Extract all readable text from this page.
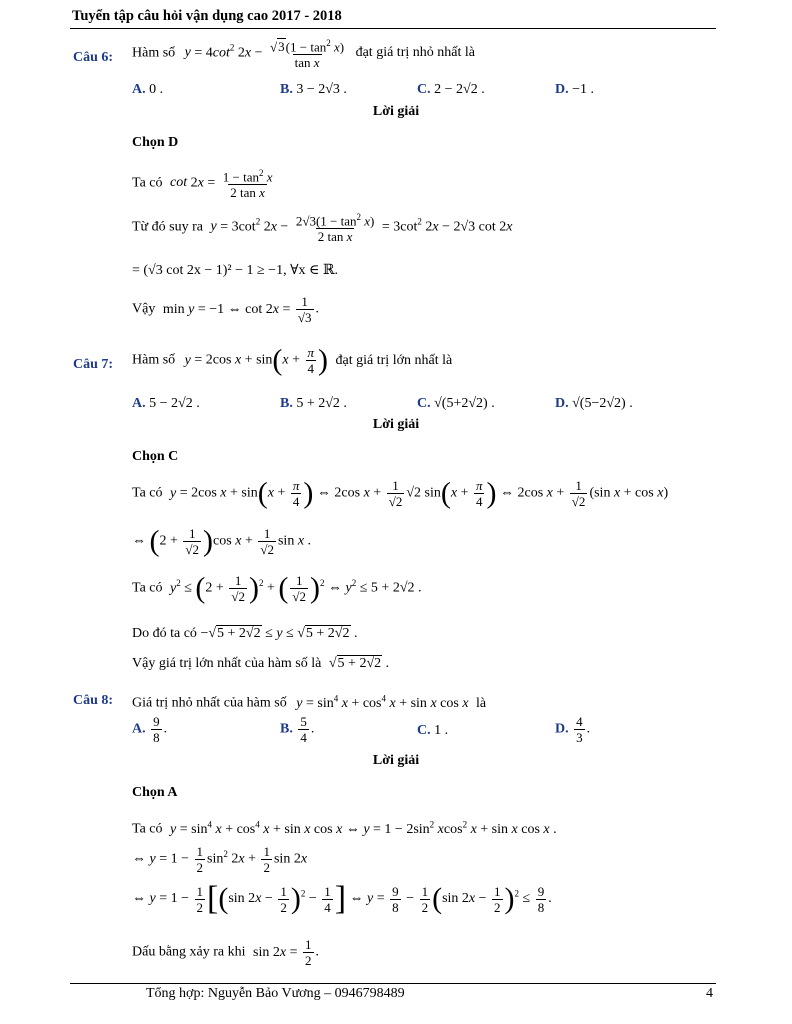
Tuyển tập câu hỏi vận dụng cao 2017 - 2018
Câu 6: Hàm số $y = 4\cot^2$ $2x - \frac{√3(1 - \tan^2 x)}{\text{tan x}}$ đạt giá trị nhỏ nhất là
A. 0 .	B. 3 − 2√3 .	C. 2 − 2√2 .	D. −1 .
Lời giải
Chọn D
Ta có $\cot 2x = \frac{1 - \tan^2 x}{\text{2 tan x}}$
Từ đó suy ra $y = 3\cot^2$ $2x - \frac{2√3(1 - \tan^2 x)}{\text{2 tan x}} = 3\cot^2$ 2x − 2√3 cot 2x
= (√3 cot 2x − 1)² − 1 ≥ −1, ∀x ∈ ℝ.
Vậy min y = −1 ⇔ $\cot 2x = \frac{1}{√3}$ .
Câu 7: Hàm số y = 2cos $x + \sin(x + \frac{\pi}{4}$ ) đạt giá trị lớn nhất là
A. 5 − 2√2 .	B. 5 + 2√2 .	C. √(5+2√2) .	D. √(5−2√2) .
Lời giải
Chọn C
Ta có y = 2cos $x + \sin(x + \frac{\pi}{4}$ ) ⇔ 2cos $x + \frac{1}{√2} √2$ $\sin(x + \frac{\pi}{4}$ ) ⇔ 2cos $x + \frac{1}{√2} (\sin$ x + cos x)
⇔ $(2 + \frac{1}{√2} )\cos$ $x + \frac{1}{√2}$ sin x .
Ta có $y^2 \le (2 + \frac{1}{√2} )^2$ + ( $\frac{1}{√2} )^2$ ⇔ $y^2 \le 5 + 2√2$ .
Do đó ta có −√5 + 2√2 ≤ y ≤ √5 + 2√2 .
Vậy giá trị lớn nhất của hàm số là √5 + 2√2 .
Câu 8: Giá trị nhỏ nhất của hàm số $y = \sin^4 x + \cos^4 x + \sin x$ cos x là
A. $\frac{9}{8}$ .	B. $\frac{5}{4}$ .	C. 1 .	D. $\frac{4}{3}$ .
Lời giải
Chọn A
Ta có $y = \sin^4 x + \cos^4 x + \sin x$ cos x ⇔ $y = 1 - 2\sin^2$ xcos$^2$ x + sin x cos x .
⇔ $y = 1 - \frac{1}{2} \sin^2 2x + \frac{1}{2}$ sin 2x
⇔ $y = 1 - \frac{1}{2} [(\sin$ $2x - \frac{1}{2} )^2 - \frac{1}{4}$ ] ⇔ $y = \frac{9}{8} - \frac{1}{2} (\sin$ $2x - \frac{1}{2} )^2 \le \frac{9}{8}$ .
Dấu bằng xảy ra khi $\sin 2x = \frac{1}{2}$ .
Tổng hợp: Nguyễn Bảo Vương – 0946798489	4
